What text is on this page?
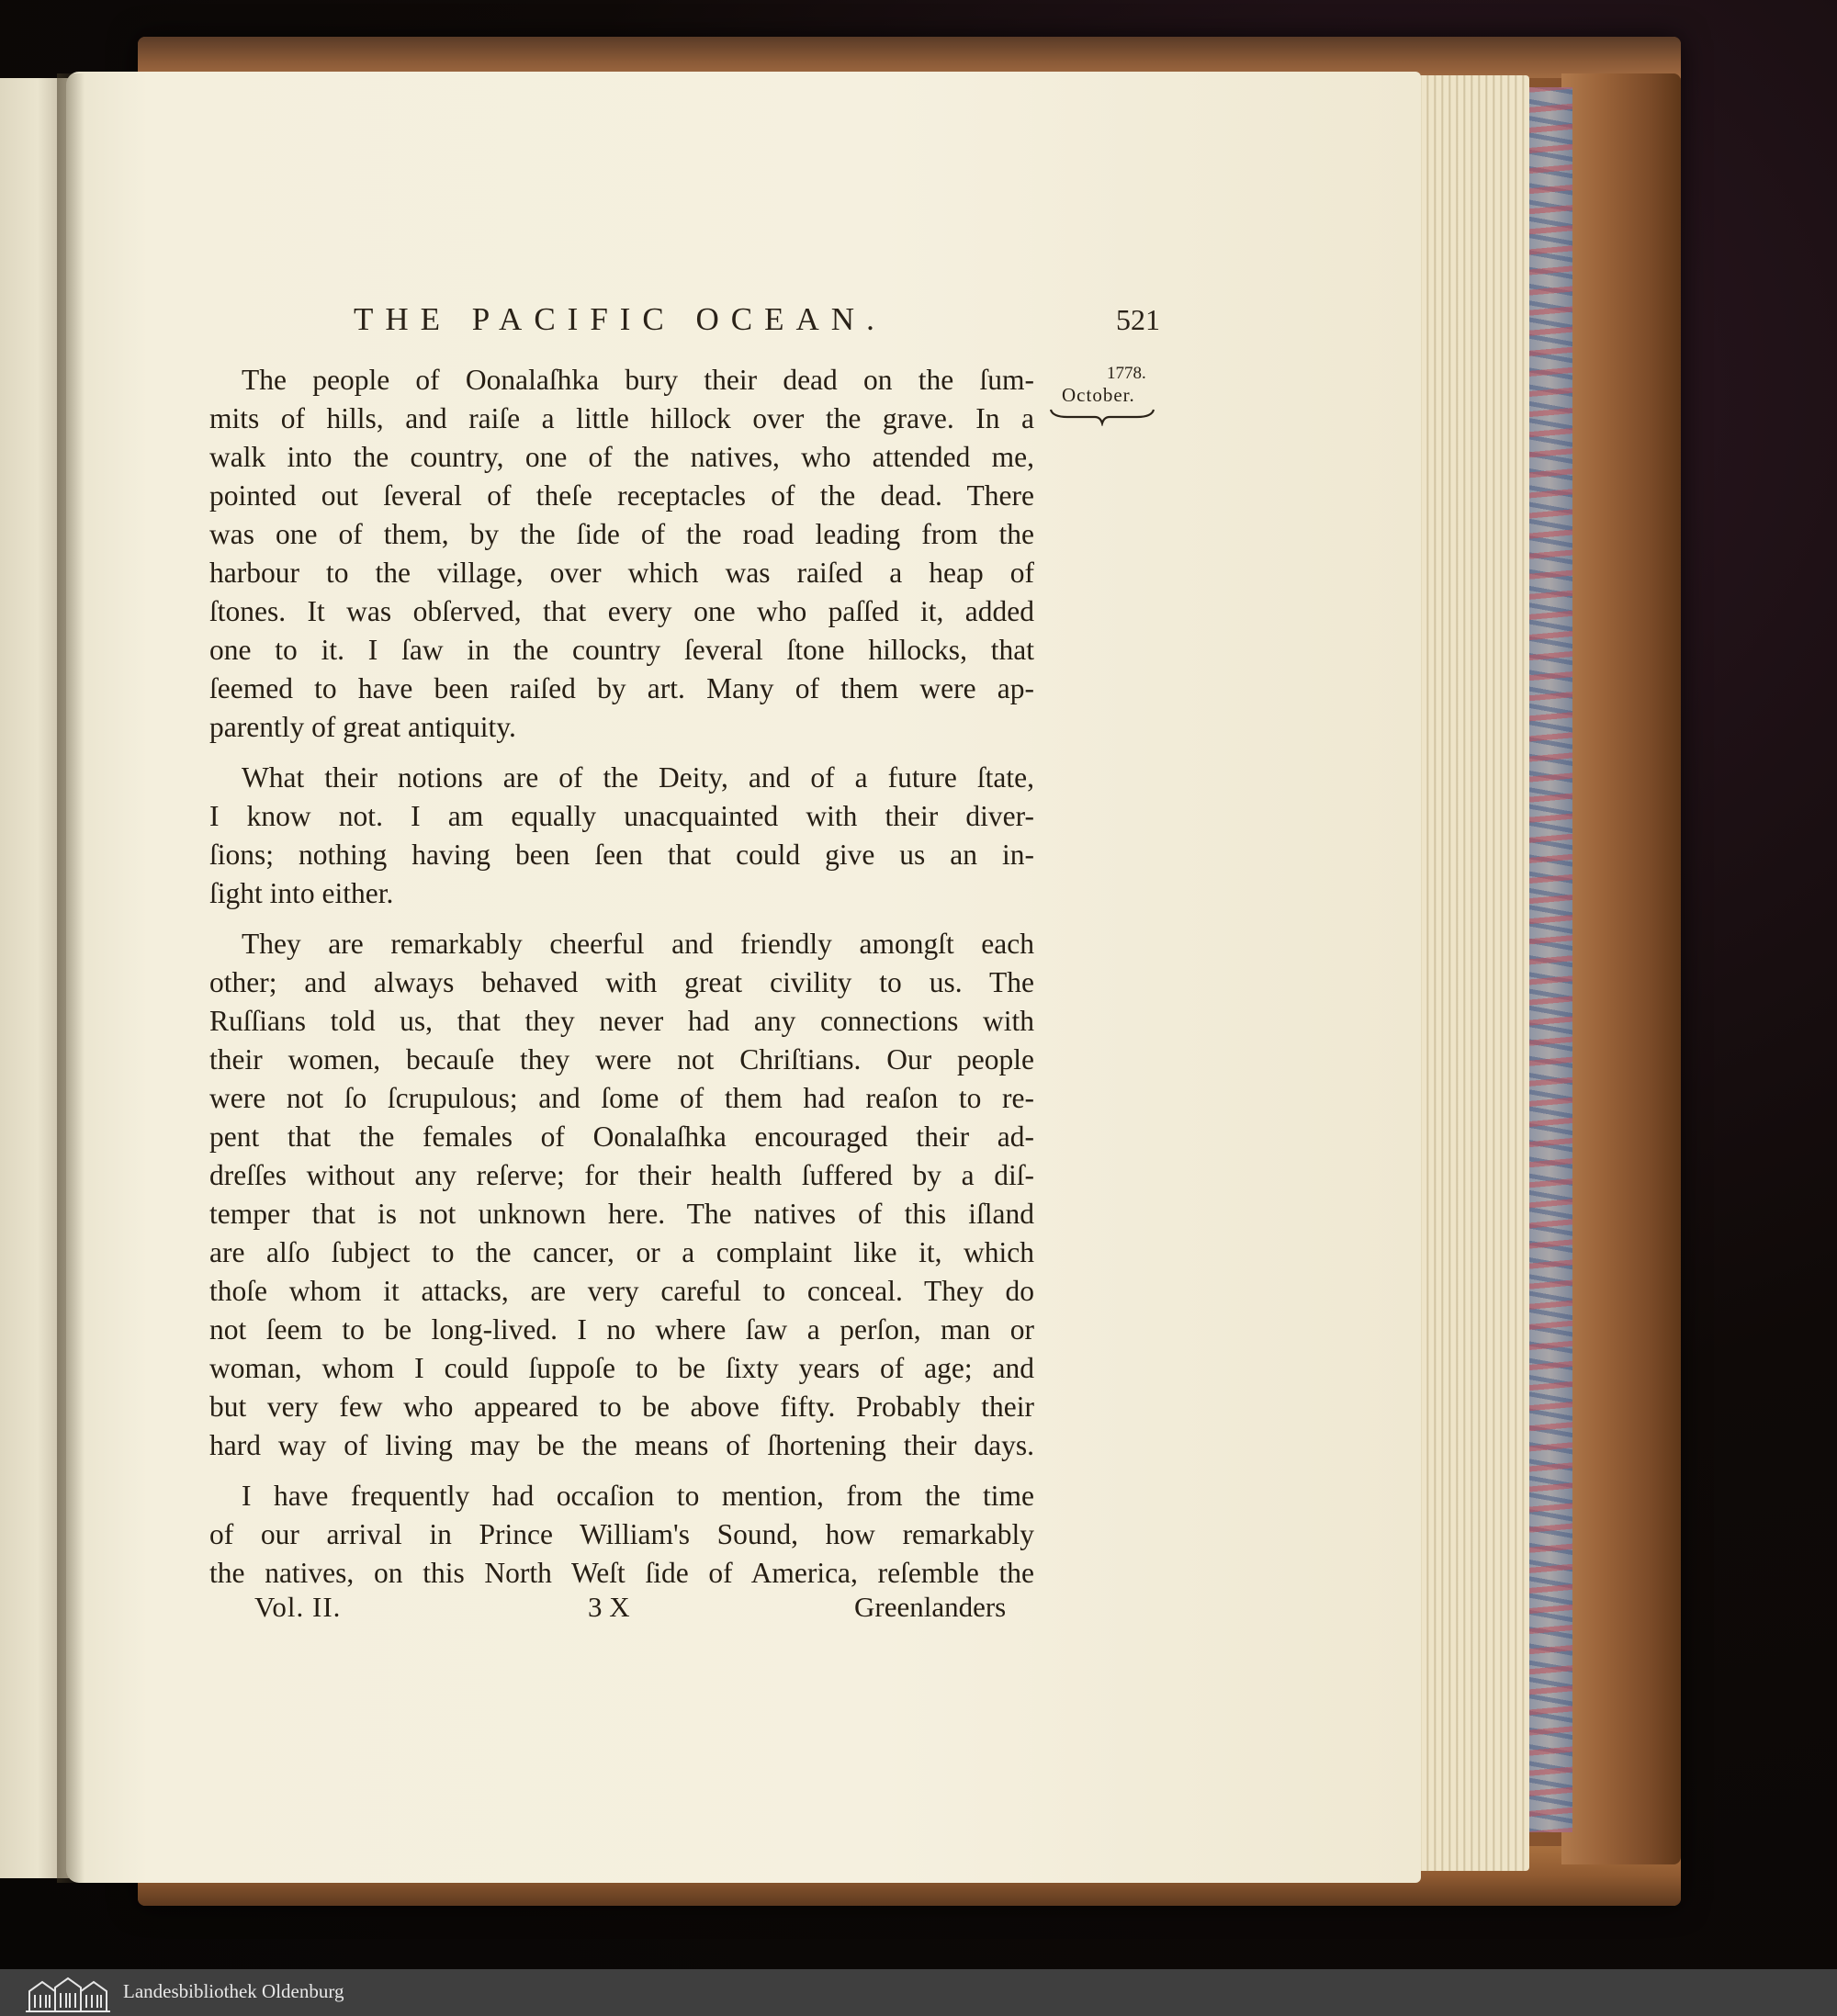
THE PACIFIC OCEAN.	521
1778.
October.
The people of Oonalaſhka bury their dead on the ſum-
mits of hills, and raiſe a little hillock over the grave. In a
walk into the country, one of the natives, who attended me,
pointed out ſeveral of theſe receptacles of the dead. There
was one of them, by the ſide of the road leading from the
harbour to the village, over which was raiſed a heap of
ſtones. It was obſerved, that every one who paſſed it, added
one to it. I ſaw in the country ſeveral ſtone hillocks, that
ſeemed to have been raiſed by art. Many of them were ap-
parently of great antiquity.
What their notions are of the Deity, and of a future ſtate,
I know not. I am equally unacquainted with their diver-
ſions; nothing having been ſeen that could give us an in-
ſight into either.
They are remarkably cheerful and friendly amongſt each
other; and always behaved with great civility to us. The
Ruſſians told us, that they never had any connections with
their women, becauſe they were not Chriſtians. Our people
were not ſo ſcrupulous; and ſome of them had reaſon to re-
pent that the females of Oonalaſhka encouraged their ad-
dreſſes without any reſerve; for their health ſuffered by a diſ-
temper that is not unknown here. The natives of this iſland
are alſo ſubject to the cancer, or a complaint like it, which
thoſe whom it attacks, are very careful to conceal. They do
not ſeem to be long-lived. I no where ſaw a perſon, man or
woman, whom I could ſuppoſe to be ſixty years of age; and
but very few who appeared to be above fifty. Probably their
hard way of living may be the means of ſhortening their days.
I have frequently had occaſion to mention, from the time
of our arrival in Prince William's Sound, how remarkably
the natives, on this North Weſt ſide of America, reſemble the
Vol. II.	3 X	Greenlanders
Landesbibliothek Oldenburg
